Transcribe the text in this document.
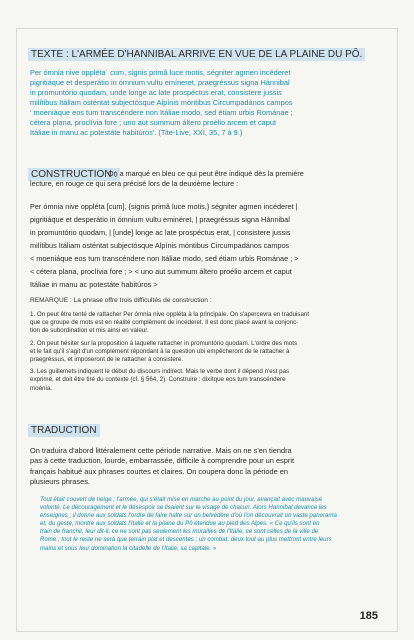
TEXTE : L'ARMÉE D'HANNIBAL ARRIVE EN VUE DE LA PLAINE DU PÔ.
Per ómnia nive opplétaˈ cum, signis primâ luce motis, ségniter agmen incéderet
pigritiáque et desperátio in ómnium vultu emíneret, praegréssus signa Hánnibal
in promuntório quodam, unde longe ac late prospéctus erat, consistere jussis
milítibus Itáliam osténtat subjectósque Alpínis móntibus Circumpadános campos
' moeniáque eos tum transcéndere non Itáliae modo, sed étiam urbis Románae ;
cétera plana, proclívia fore ; uno aut summum áltero proélio arcem et caput
Itáliae in manu ac potestáte habitúros'. (Tite-Live, XXI, 35, 7 à 9.)
CONSTRUCTION :
On a marqué en bleu ce qui peut être indiqué dès la première
lecture, en rouge ce qui sera précisé lors de la deuxième lecture :
Per ómnia nive oppléta [cum], {signis primâ luce motis,} ségniter agmen incéderet |
pigritiáque et desperátio in ómnium vultu eminéret, | praegréssus signa Hánnibal
in promuntório quodam, | [unde] longe ac late prospéctus erat, | consistere jussis
milítibus Itáliam osténtat subjectósque Alpínis móntibus Circumpadános campos
< moeniáque eos tum transcéndere non Itáliae modo, sed étiam urbis Románae ; >
< cétera plana, proclívia fore ; > < uno aut summum áltero proélio arcem et caput
Itáliae in manu ac potestáte habitúros >
REMARQUE : La phrase offre trois difficultés de construction :
1. On peut être tenté de rattacher Per ómnia nive oppléta à la principale. On s'apercevra en traduisant
que ce groupe de mots est en réalité complément de incéderet. Il est donc placé avant la conjonc-
tion de subordination et mis ainsi en valeur.
2. On peut hésiter sur la proposition à laquelle rattacher in promuntório quodam. L'ordre des mots
et le fait qu'il s'agit d'un complément répondant à la question ubi empêcheront de le rattacher à
praegréssus, et imposeront de le rattacher à consistere.
3. Les guillemets indiquent le début du discours indirect. Mais le verbe dont il dépend n'est pas
exprimé, et doit être tiré du contexte (cf. § 564, 2). Construire : dixítque eos tum transcéndere
moénia.
TRADUCTION
On traduira d'abord littéralement cette période narrative. Mais on ne s'en tiendra
pas à cette traduction, lourde, embarrassée, difficile à comprendre pour un esprit
français habitué aux phrases courtes et claires. On coupera donc la période en
plusieurs phrases.
Tout était couvert de neige ; l'armée, qui s'était mise en marche au point du jour, avançait avec mauvaise
volonté. Le découragement et le désespoir se lisaient sur le visage de chacun. Alors Hannibal devance les
enseignes ; il donne aux soldats l'ordre de faire halte sur un belvédère d'où l'on découvrait un vaste panorama
et, du geste, montre aux soldats l'Italie et la plaine du Pô étendue au pied des Alpes. « Ce qu'ils sont en
train de franchir, leur dit-il, ce ne sont pas seulement les murailles de l'Italie, ce sont celles de la ville de
Rome ; tout le reste ne sera que terrain plat et descentes ; un combat, deux tout au plus mettront entre leurs
mains et sous leur domination la citadelle de l'Italie, sa capitale. »
185
